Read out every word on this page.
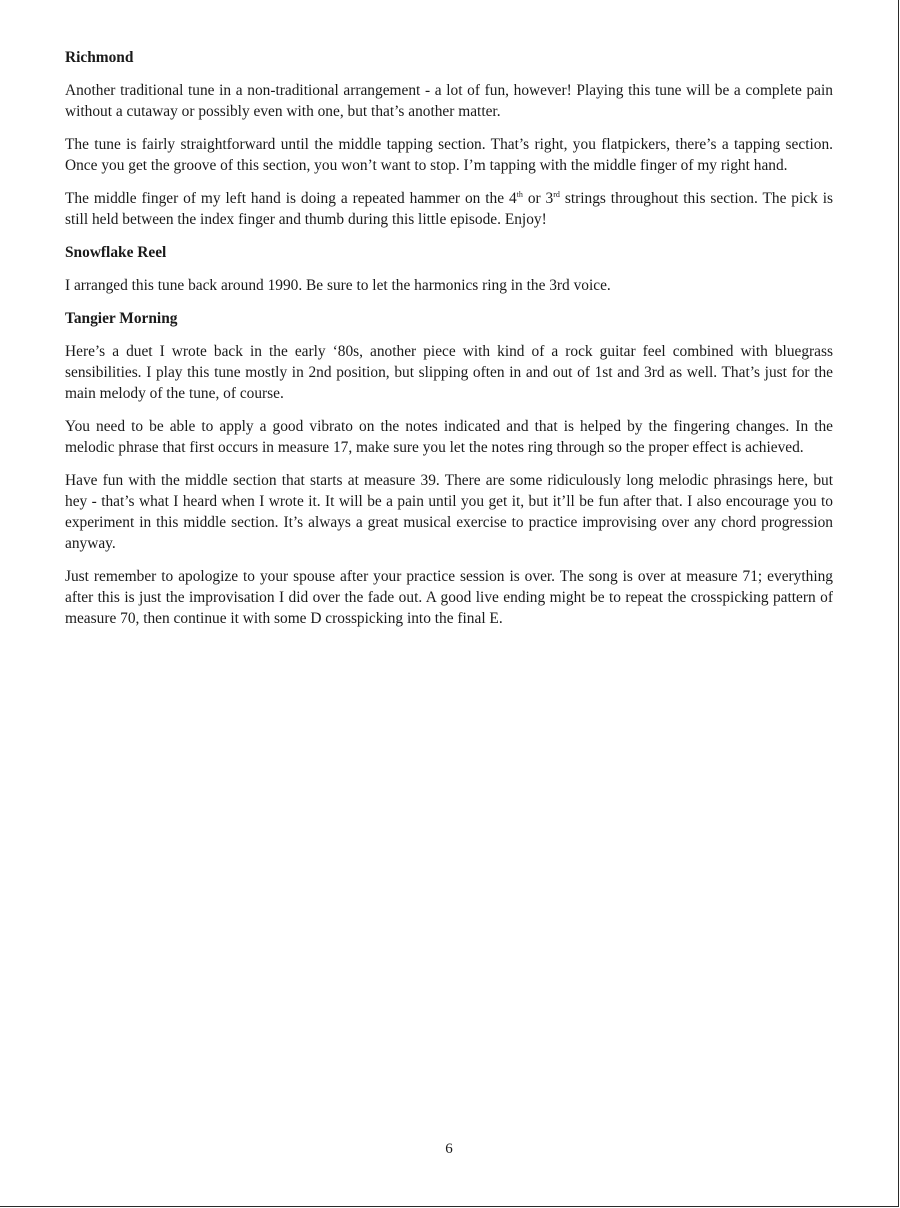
Richmond

Another traditional tune in a non-traditional arrangement - a lot of fun, however! Playing this tune will be a complete pain without a cutaway or possibly even with one, but that’s another matter.

The tune is fairly straightforward until the middle tapping section. That’s right, you flatpickers, there’s a tapping section. Once you get the groove of this section, you won’t want to stop. I’m tapping with the middle finger of my right hand.

The middle finger of my left hand is doing a repeated hammer on the 4th or 3rd strings throughout this section. The pick is still held between the index finger and thumb during this little episode. Enjoy!

Snowflake Reel

I arranged this tune back around 1990. Be sure to let the harmonics ring in the 3rd voice.

Tangier Morning

Here’s a duet I wrote back in the early ‘80s, another piece with kind of a rock guitar feel combined with bluegrass sensibilities. I play this tune mostly in 2nd position, but slipping often in and out of 1st and 3rd as well. That’s just for the main melody of the tune, of course.

You need to be able to apply a good vibrato on the notes indicated and that is helped by the fingering changes. In the melodic phrase that first occurs in measure 17, make sure you let the notes ring through so the proper effect is achieved.

Have fun with the middle section that starts at measure 39. There are some ridiculously long melodic phrasings here, but hey - that’s what I heard when I wrote it. It will be a pain until you get it, but it’ll be fun after that. I also encourage you to experiment in this middle section. It’s always a great musical exercise to practice improvising over any chord progression anyway.

Just remember to apologize to your spouse after your practice session is over. The song is over at measure 71; everything after this is just the improvisation I did over the fade out. A good live ending might be to repeat the crosspicking pattern of measure 70, then continue it with some D crosspicking into the final E.

6
